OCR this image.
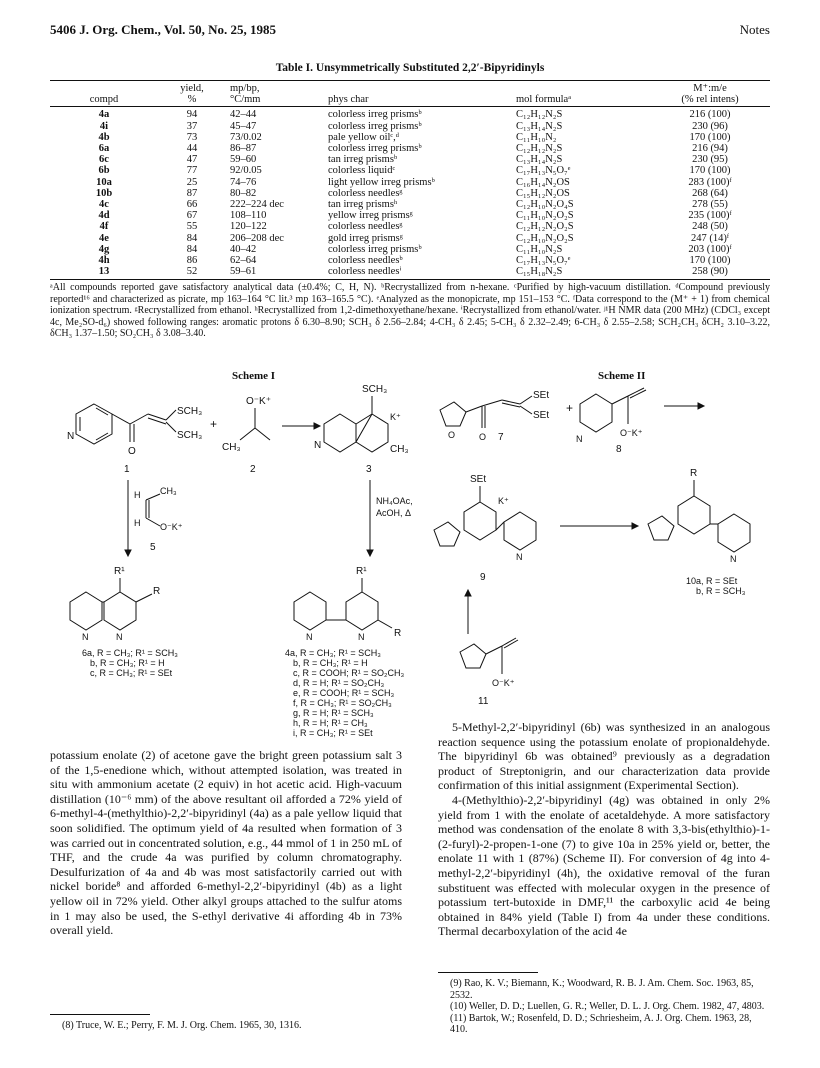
5406 J. Org. Chem., Vol. 50, No. 25, 1985	Notes
Table I. Unsymmetrically Substituted 2,2′-Bipyridinyls
	yield,	mp/bp,			M⁺:m/e
compd	%	°C/mm	phys char	mol formulaᵃ	(% rel intens)
4a	94	42–44	colorless irreg prismsᵇ	C₁₂H₁₂N₂S	216 (100)
4i	37	45–47	colorless irreg prismsᵇ	C₁₃H₁₄N₂S	230 (96)
4b	73	73/0.02	pale yellow oilᶜ,ᵈ	C₁₁H₁₀N₂	170 (100)
6a	44	86–87	colorless irreg prismsᵇ	C₁₂H₁₂N₂S	216 (94)
6c	47	59–60	tan irreg prismsᵇ	C₁₃H₁₄N₂S	230 (95)
6b	77	92/0.05	colorless liquidᶜ	C₁₇H₁₃N₅O₇ᵉ	170 (100)
10a	25	74–76	light yellow irreg prismsᵇ	C₁₆H₁₄N₂OS	283 (100)ᶠ
10b	87	80–82	colorless needlesᵍ	C₁₅H₁₂N₂OS	268 (64)
4c	66	222–224 dec	tan irreg prismsʰ	C₁₂H₁₀N₂O₄S	278 (55)
4d	67	108–110	yellow irreg prismsᵍ	C₁₁H₁₀N₂O₂S	235 (100)ᶠ
4f	55	120–122	colorless needlesᵍ	C₁₂H₁₂N₂O₂S	248 (50)
4e	84	206–208 dec	gold irreg prismsᵍ	C₁₂H₁₀N₂O₂S	247 (14)ᶠ
4g	84	40–42	colorless irreg prismsᵇ	C₁₁H₁₀N₂S	203 (100)ᶠ
4h	86	62–64	colorless needlesᵇ	C₁₇H₁₃N₅O₇ᵉ	170 (100)
13	52	59–61	colorless needlesⁱ	C₁₅H₁₈N₂S	258 (90)
ᵃAll compounds reported gave satisfactory analytical data (±0.4%; C, H, N). ᵇRecrystallized from n-hexane. ᶜPurified by high-vacuum distillation. ᵈCompound previously reported¹⁶ and characterized as picrate, mp 163–164 °C lit.³ mp 163–165.5 °C). ᵉAnalyzed as the monopicrate, mp 151–153 °C. ᶠData correspond to the (M⁺ + 1) from chemical ionization spectrum. ᵍRecrystallized from ethanol. ʰRecrystallized from 1,2-dimethoxyethane/hexane. ⁱRecrystallized from ethanol/water. ʲ¹H NMR data (200 MHz) (CDCl₃ except 4c, Me₂SO-d₆) showed following ranges: aromatic protons δ 6.30–8.90; SCH₃ δ 2.56–2.84; 4-CH₃ δ 2.45; 5-CH₃ δ 2.32–2.49; 6-CH₃ δ 2.55–2.58; SCH₂CH₃ δCH₂ 3.10–3.22, δCH₃ 1.37–1.50; SO₂CH₃ δ 3.08–3.40.
Scheme I
SCH₃
SCH₃
N
O
1
+
O⁻K⁺
CH₃
2
SCH₃
K⁺
CH₃
N
3
H
H
CH₃
O⁻K⁺
5
NH₄OAc,
AcOH, Δ
R¹
R
N	N
R¹
R
N	N
6a, R = CH₃; R¹ = SCH₃
b, R = CH₃; R¹ = H
c, R = CH₃; R¹ = SEt
4a, R = CH₃; R¹ = SCH₃
b, R = CH₃; R¹ = H
c, R = COOH; R¹ = SO₂CH₃
d, R = H; R¹ = SO₂CH₃
e, R = COOH; R¹ = SCH₃
f, R = CH₃; R¹ = SO₂CH₃
g, R = H; R¹ = SCH₃
h, R = H; R¹ = CH₃
i, R = CH₃; R¹ = SEt
Scheme II
SEt
SEt
O	O 7
+
N
O⁻K⁺
8
SEt
K⁺
N
9
R
N
O⁻K⁺
11
10a, R = SEt
b, R = SCH₃
potassium enolate (2) of acetone gave the bright green potassium salt 3 of the 1,5-enedione which, without attempted isolation, was treated in situ with ammonium acetate (2 equiv) in hot acetic acid. High-vacuum distillation (10⁻⁶ mm) of the above resultant oil afforded a 72% yield of 6-methyl-4-(methylthio)-2,2′-bipyridinyl (4a) as a pale yellow liquid that soon solidified. The optimum yield of 4a resulted when formation of 3 was carried out in concentrated solution, e.g., 44 mmol of 1 in 250 mL of THF, and the crude 4a was purified by column chromatography. Desulfurization of 4a and 4b was most satisfactorily carried out with nickel boride⁸ and afforded 6-methyl-2,2′-bipyridinyl (4b) as a light yellow oil in 72% yield. Other alkyl groups attached to the sulfur atoms in 1 may also be used, the S-ethyl derivative 4i affording 4b in 73% overall yield.
5-Methyl-2,2′-bipyridinyl (6b) was synthesized in an analogous reaction sequence using the potassium enolate of propionaldehyde. The bipyridinyl 6b was obtained⁹ previously as a degradation product of Streptonigrin, and our characterization data provide confirmation of this initial assignment (Experimental Section).
4-(Methylthio)-2,2′-bipyridinyl (4g) was obtained in only 2% yield from 1 with the enolate of acetaldehyde. A more satisfactory method was condensation of the enolate 8 with 3,3-bis(ethylthio)-1-(2-furyl)-2-propen-1-one (7) to give 10a in 25% yield or, better, the enolate 11 with 1 (87%) (Scheme II). For conversion of 4g into 4-methyl-2,2′-bipyridinyl (4h), the oxidative removal of the furan substituent was effected with molecular oxygen in the presence of potassium tert-butoxide in DMF,¹¹ the carboxylic acid 4e being obtained in 84% yield (Table I) from 4a under these conditions. Thermal decarboxylation of the acid 4e
(8) Truce, W. E.; Perry, F. M. J. Org. Chem. 1965, 30, 1316.
(9) Rao, K. V.; Biemann, K.; Woodward, R. B. J. Am. Chem. Soc. 1963, 85, 2532.
(10) Weller, D. D.; Luellen, G. R.; Weller, D. L. J. Org. Chem. 1982, 47, 4803.
(11) Bartok, W.; Rosenfeld, D. D.; Schriesheim, A. J. Org. Chem. 1963, 28, 410.
